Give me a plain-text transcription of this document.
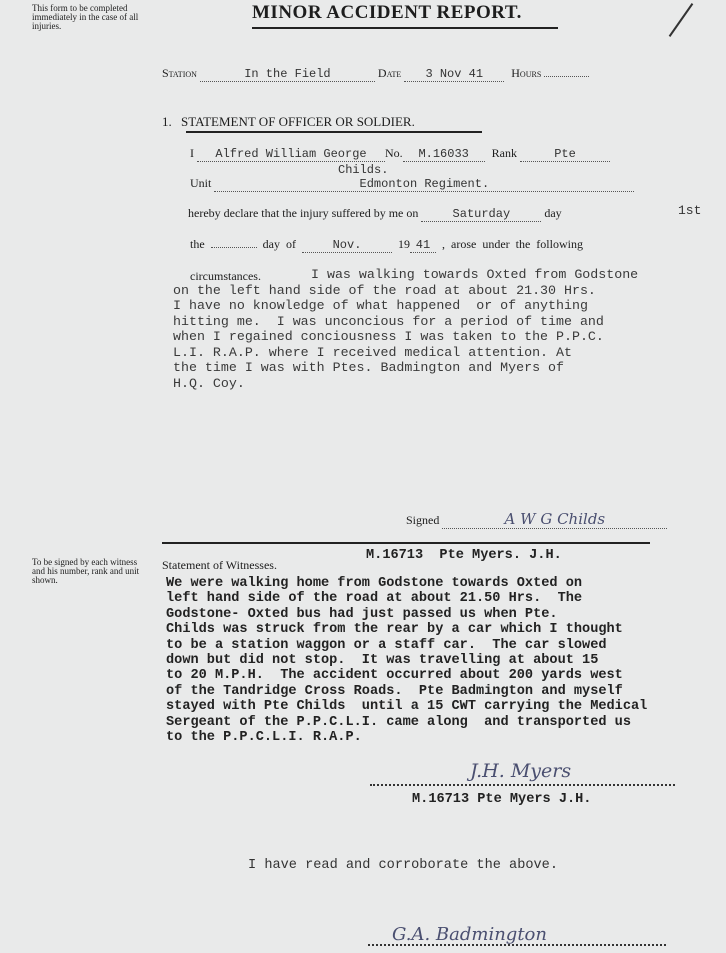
This form to be completed immediately in the case of all injuries.
MINOR ACCIDENT REPORT.
Station	In the Field	Date 3 Nov 41 Hours
1. STATEMENT OF OFFICER OR SOLDIER.
I Alfred William George No. M.16033 Rank	Pte
Childs.
Unit	Edmonton Regiment.
hereby declare that the injury suffered by me on	Saturday	day	1st
the	day of	Nov.	19 41 , arose under the following
circumstances.	I was walking towards Oxted from Godstone
on the left hand side of the road at about 21.30 Hrs.
I have no knowledge of what happened  or of anything
hitting me.  I was unconcious for a period of time and
when I regained conciousness I was taken to the P.P.C.
L.I. R.A.P. where I received medical attention. At
the time I was with Ptes. Badmington and Myers of
H.Q. Coy.
Signed	A W G Childs
To be signed by each witness and his number, rank and unit shown.
Statement of Witnesses.
M.16713  Pte Myers. J.H.
We were walking home from Godstone towards Oxted on
left hand side of the road at about 21.50 Hrs.  The
Godstone- Oxted bus had just passed us when Pte.
Childs was struck from the rear by a car which I thought
to be a station waggon or a staff car.  The car slowed
down but did not stop.  It was travelling at about 15
to 20 M.P.H.  The accident occurred about 200 yards west
of the Tandridge Cross Roads.  Pte Badmington and myself
stayed with Pte Childs  until a 15 CWT carrying the Medical
Sergeant of the P.P.C.L.I. came along  and transported us
to the P.P.C.L.I. R.A.P.
J.H. Myers
M.16713 Pte Myers J.H.
I have read and corroborate the above.
G.A. Badmington
